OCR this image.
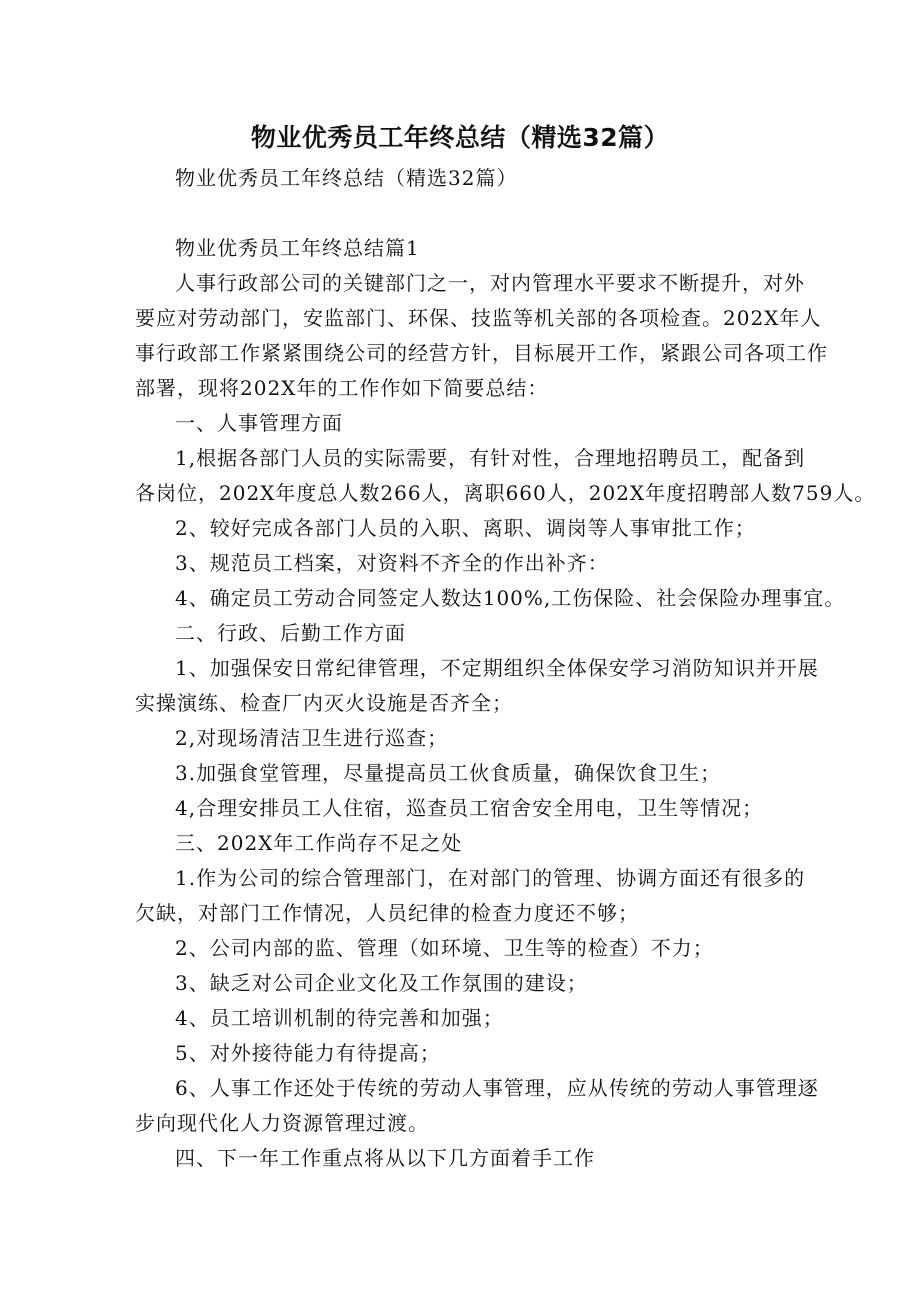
物业优秀员工年终总结（精选32篇）
物业优秀员工年终总结（精选32篇）
物业优秀员工年终总结篇1
人事行政部公司的关键部门之一，对内管理水平要求不断提升，对外
要应对劳动部门，安监部门、环保、技监等机关部的各项检查。202X年人
事行政部工作紧紧围绕公司的经营方针，目标展开工作，紧跟公司各项工作
部署，现将202X年的工作作如下简要总结：
一、人事管理方面
1,根据各部门人员的实际需要，有针对性，合理地招聘员工，配备到
各岗位，202X年度总人数266人，离职660人，202X年度招聘部人数759人。
2、较好完成各部门人员的入职、离职、调岗等人事审批工作；
3、规范员工档案，对资料不齐全的作出补齐：
4、确定员工劳动合同签定人数达100%,工伤保险、社会保险办理事宜。
二、行政、后勤工作方面
1、加强保安日常纪律管理，不定期组织全体保安学习消防知识并开展
实操演练、检查厂内灭火设施是否齐全；
2,对现场清洁卫生进行巡查；
3.加强食堂管理，尽量提高员工伙食质量，确保饮食卫生；
4,合理安排员工人住宿，巡查员工宿舍安全用电，卫生等情况；
三、202X年工作尚存不足之处
1.作为公司的综合管理部门，在对部门的管理、协调方面还有很多的
欠缺，对部门工作情况，人员纪律的检查力度还不够；
2、公司内部的监、管理（如环境、卫生等的检查）不力；
3、缺乏对公司企业文化及工作氛围的建设；
4、员工培训机制的待完善和加强；
5、对外接待能力有待提高；
6、人事工作还处于传统的劳动人事管理，应从传统的劳动人事管理逐
步向现代化人力资源管理过渡。
四、下一年工作重点将从以下几方面着手工作
